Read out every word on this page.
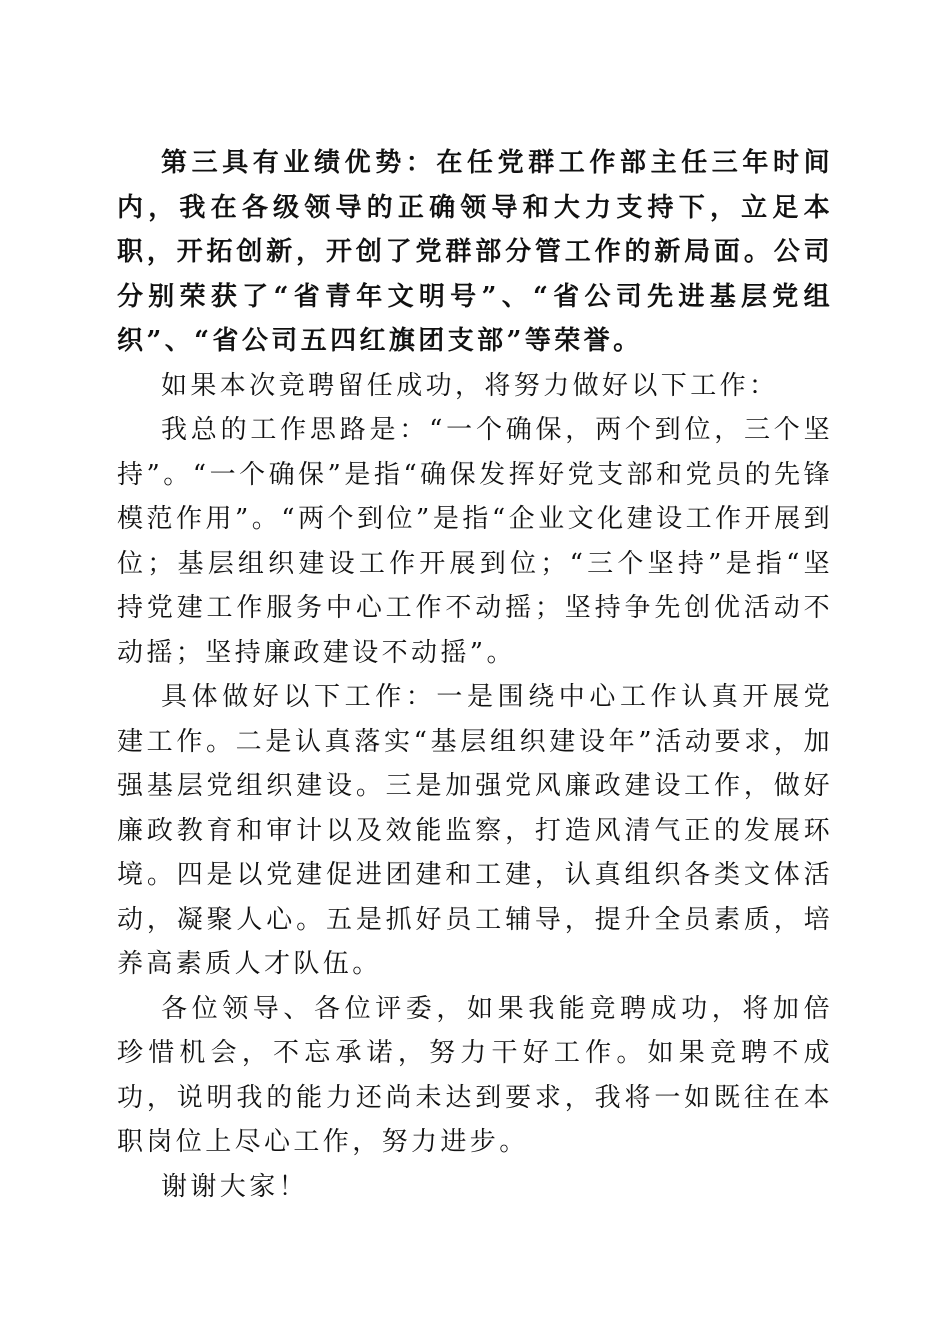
第三具有业绩优势：在任党群工作部主任三年时间内，我在各级领导的正确领导和大力支持下，立足本职，开拓创新，开创了党群部分管工作的新局面。公司分别荣获了“省青年文明号”、“省公司先进基层党组织”、“省公司五四红旗团支部”等荣誉。

如果本次竞聘留任成功，将努力做好以下工作：

我总的工作思路是：“一个确保，两个到位，三个坚持”。“一个确保”是指“确保发挥好党支部和党员的先锋模范作用”。“两个到位”是指“企业文化建设工作开展到位；基层组织建设工作开展到位；“三个坚持”是指“坚持党建工作服务中心工作不动摇；坚持争先创优活动不动摇；坚持廉政建设不动摇”。

具体做好以下工作：一是围绕中心工作认真开展党建工作。二是认真落实“基层组织建设年”活动要求，加强基层党组织建设。三是加强党风廉政建设工作，做好廉政教育和审计以及效能监察，打造风清气正的发展环境。四是以党建促进团建和工建，认真组织各类文体活动，凝聚人心。五是抓好员工辅导，提升全员素质，培养高素质人才队伍。

各位领导、各位评委，如果我能竞聘成功，将加倍珍惜机会，不忘承诺，努力干好工作。如果竞聘不成功，说明我的能力还尚未达到要求，我将一如既往在本职岗位上尽心工作，努力进步。

谢谢大家！
